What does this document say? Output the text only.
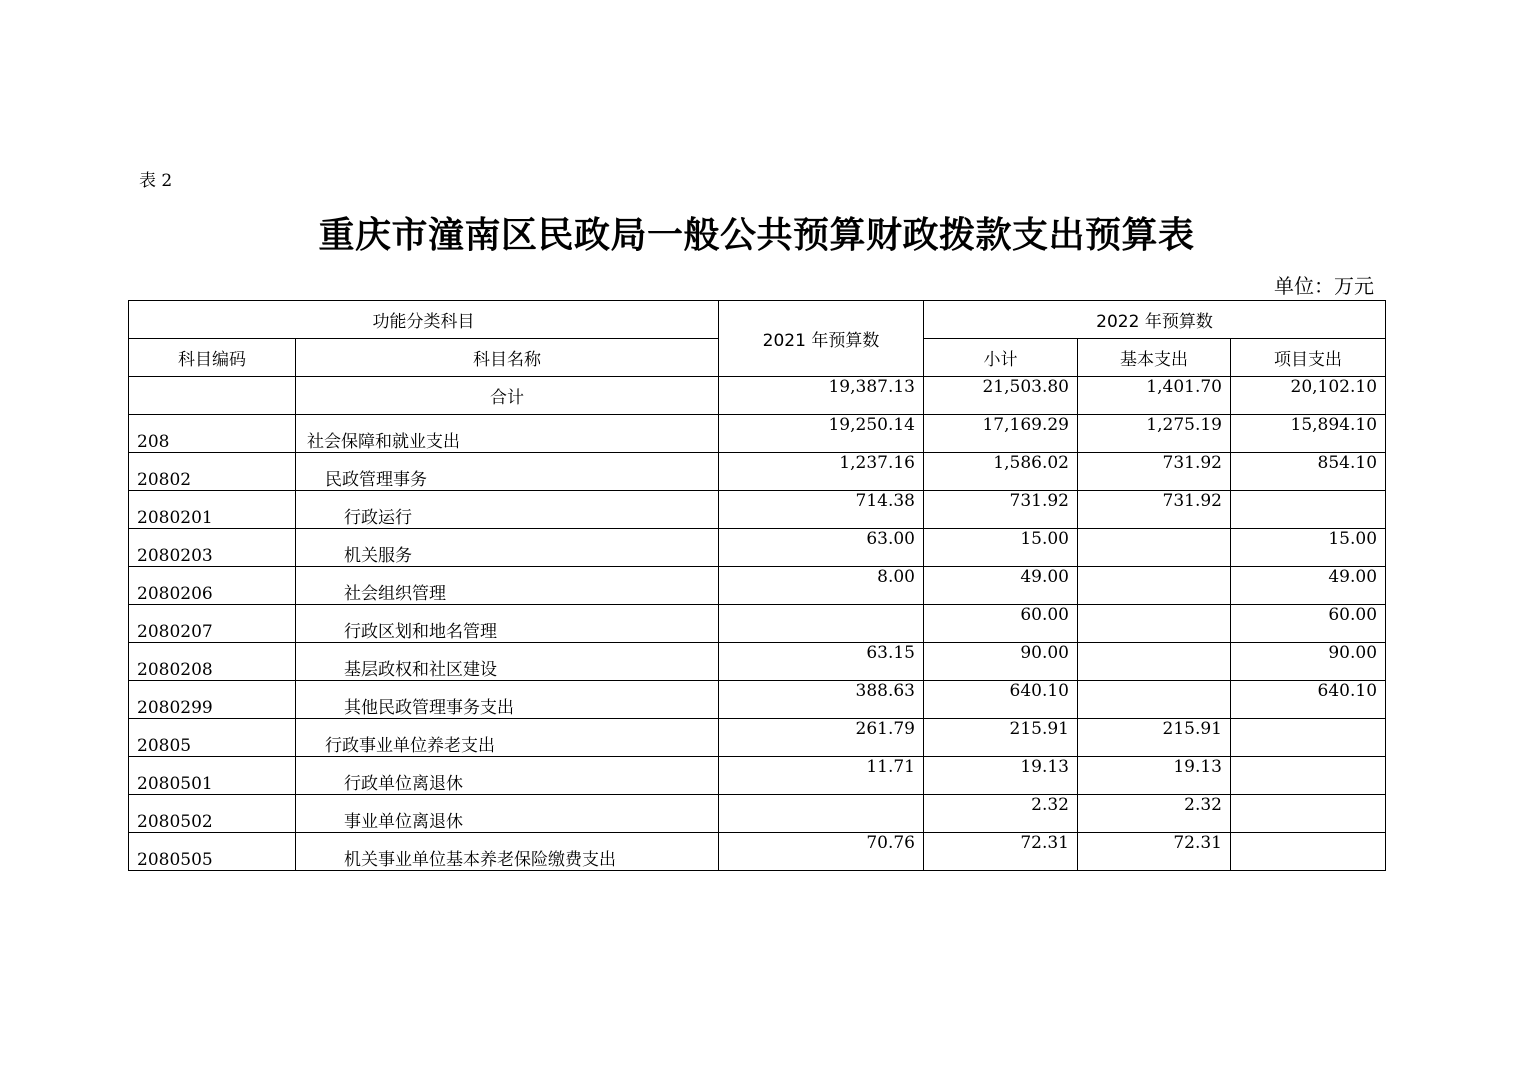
表 2
重庆市潼南区民政局一般公共预算财政拨款支出预算表
单位：万元
功能分类科目		2021 年预算数	2022 年预算数		
科目编码	科目名称		小计	基本支出	项目支出
	合计	19,387.13	21,503.80	1,401.70	20,102.10
208	社会保障和就业支出	19,250.14	17,169.29	1,275.19	15,894.10
20802	民政管理事务	1,237.16	1,586.02	731.92	854.10
2080201	行政运行	714.38	731.92	731.92	
2080203	机关服务	63.00	15.00		15.00
2080206	社会组织管理	8.00	49.00		49.00
2080207	行政区划和地名管理		60.00		60.00
2080208	基层政权和社区建设	63.15	90.00		90.00
2080299	其他民政管理事务支出	388.63	640.10		640.10
20805	行政事业单位养老支出	261.79	215.91	215.91	
2080501	行政单位离退休	11.71	19.13	19.13	
2080502	事业单位离退休		2.32	2.32	
2080505	机关事业单位基本养老保险缴费支出	70.76	72.31	72.31	
